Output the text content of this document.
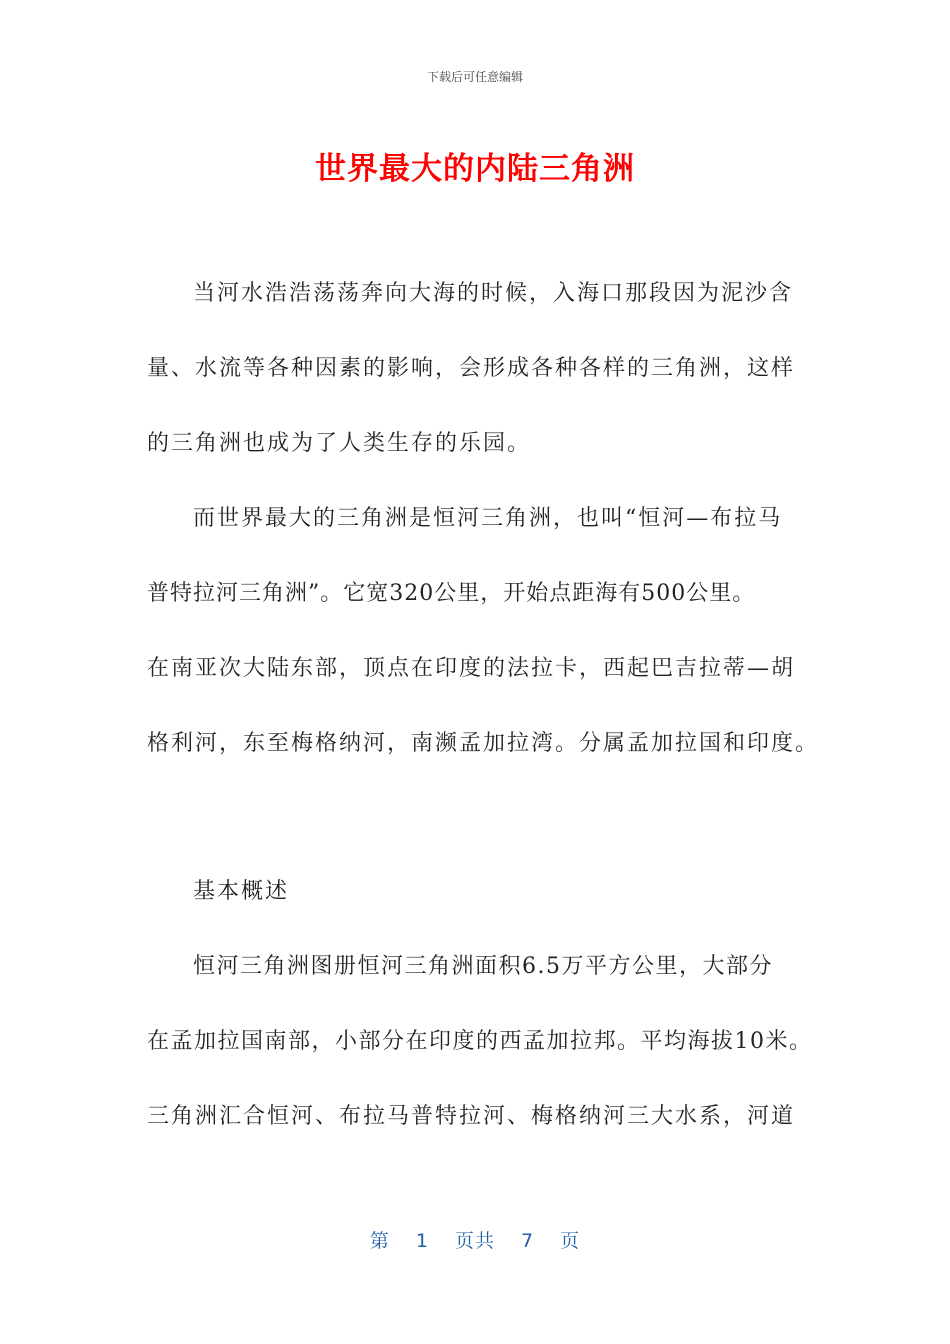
下载后可任意编辑
世界最大的内陆三角洲
当河水浩浩荡荡奔向大海的时候，入海口那段因为泥沙含
量、水流等各种因素的影响，会形成各种各样的三角洲，这样
的三角洲也成为了人类生存的乐园。
而世界最大的三角洲是恒河三角洲，也叫“恒河—布拉马
普特拉河三角洲”。它宽320公里，开始点距海有500公里。
在南亚次大陆东部，顶点在印度的法拉卡，西起巴吉拉蒂—胡
格利河，东至梅格纳河，南濒孟加拉湾。分属孟加拉国和印度。
基本概述
恒河三角洲图册恒河三角洲面积6.5万平方公里，大部分
在孟加拉国南部，小部分在印度的西孟加拉邦。平均海拔10米。
三角洲汇合恒河、布拉马普特拉河、梅格纳河三大水系，河道
第 1 页共 7 页
